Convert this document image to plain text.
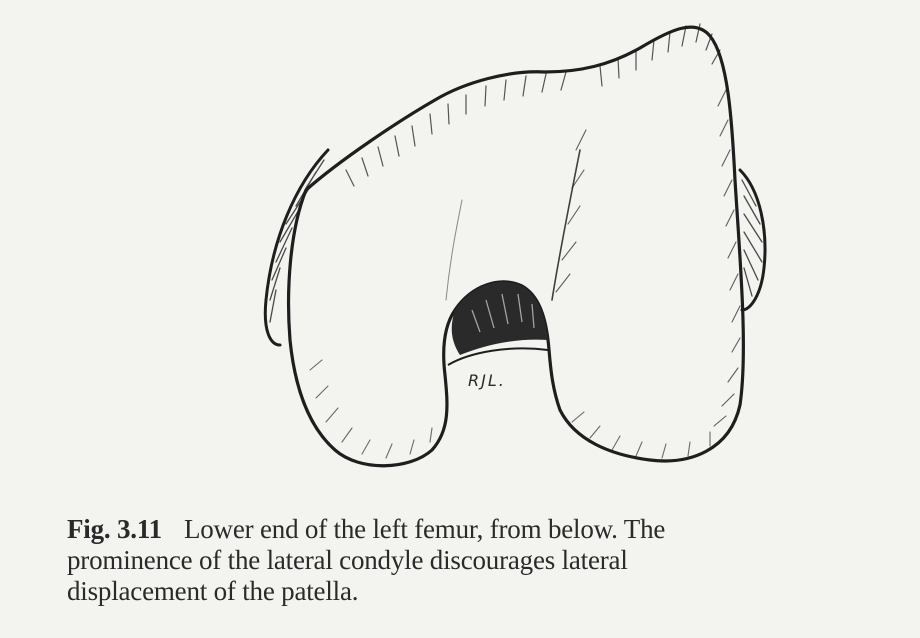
RJL.
Fig. 3.11 Lower end of the left femur, from below. The
prominence of the lateral condyle discourages lateral
displacement of the patella.
